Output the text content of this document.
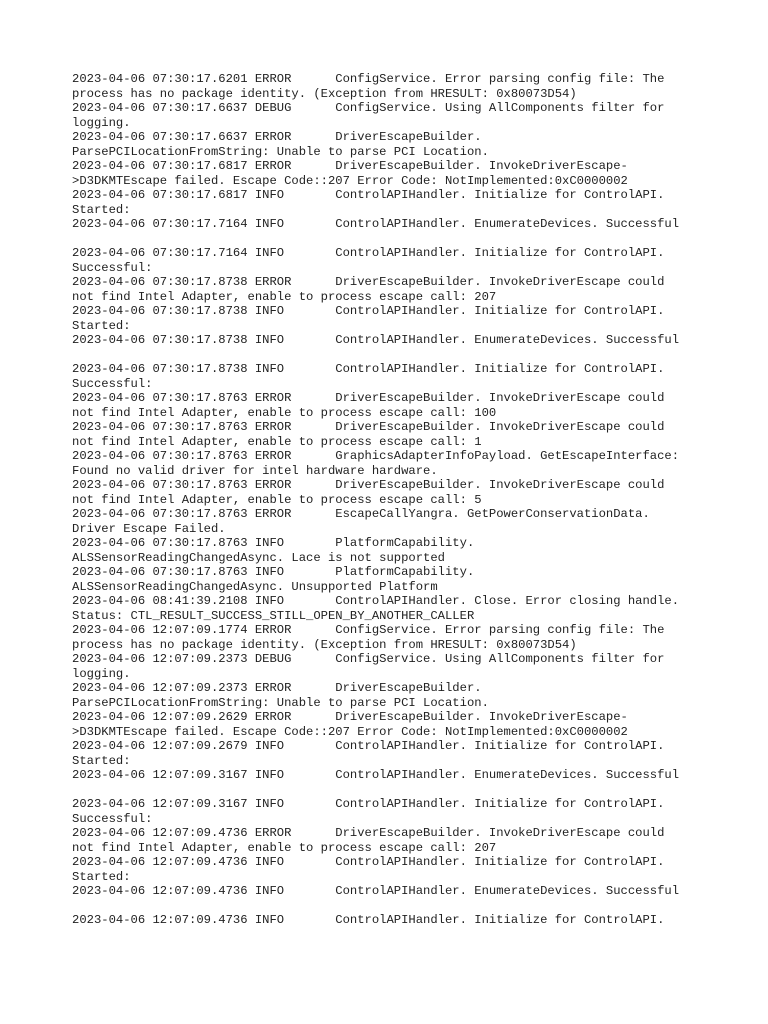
2023-04-06 07:30:17.6201 ERROR      ConfigService. Error parsing config file: The
process has no package identity. (Exception from HRESULT: 0x80073D54)
2023-04-06 07:30:17.6637 DEBUG      ConfigService. Using AllComponents filter for
logging.
2023-04-06 07:30:17.6637 ERROR      DriverEscapeBuilder.
ParsePCILocationFromString: Unable to parse PCI Location.
2023-04-06 07:30:17.6817 ERROR      DriverEscapeBuilder. InvokeDriverEscape-
>D3DKMTEscape failed. Escape Code::207 Error Code: NotImplemented:0xC0000002
2023-04-06 07:30:17.6817 INFO       ControlAPIHandler. Initialize for ControlAPI.
Started:
2023-04-06 07:30:17.7164 INFO       ControlAPIHandler. EnumerateDevices. Successful
2023-04-06 07:30:17.7164 INFO       ControlAPIHandler. Initialize for ControlAPI.
Successful:
2023-04-06 07:30:17.8738 ERROR      DriverEscapeBuilder. InvokeDriverEscape could
not find Intel Adapter, enable to process escape call: 207
2023-04-06 07:30:17.8738 INFO       ControlAPIHandler. Initialize for ControlAPI.
Started:
2023-04-06 07:30:17.8738 INFO       ControlAPIHandler. EnumerateDevices. Successful
2023-04-06 07:30:17.8738 INFO       ControlAPIHandler. Initialize for ControlAPI.
Successful:
2023-04-06 07:30:17.8763 ERROR      DriverEscapeBuilder. InvokeDriverEscape could
not find Intel Adapter, enable to process escape call: 100
2023-04-06 07:30:17.8763 ERROR      DriverEscapeBuilder. InvokeDriverEscape could
not find Intel Adapter, enable to process escape call: 1
2023-04-06 07:30:17.8763 ERROR      GraphicsAdapterInfoPayload. GetEscapeInterface:
Found no valid driver for intel hardware hardware.
2023-04-06 07:30:17.8763 ERROR      DriverEscapeBuilder. InvokeDriverEscape could
not find Intel Adapter, enable to process escape call: 5
2023-04-06 07:30:17.8763 ERROR      EscapeCallYangra. GetPowerConservationData.
Driver Escape Failed.
2023-04-06 07:30:17.8763 INFO       PlatformCapability.
ALSSensorReadingChangedAsync. Lace is not supported
2023-04-06 07:30:17.8763 INFO       PlatformCapability.
ALSSensorReadingChangedAsync. Unsupported Platform
2023-04-06 08:41:39.2108 INFO       ControlAPIHandler. Close. Error closing handle.
Status: CTL_RESULT_SUCCESS_STILL_OPEN_BY_ANOTHER_CALLER
2023-04-06 12:07:09.1774 ERROR      ConfigService. Error parsing config file: The
process has no package identity. (Exception from HRESULT: 0x80073D54)
2023-04-06 12:07:09.2373 DEBUG      ConfigService. Using AllComponents filter for
logging.
2023-04-06 12:07:09.2373 ERROR      DriverEscapeBuilder.
ParsePCILocationFromString: Unable to parse PCI Location.
2023-04-06 12:07:09.2629 ERROR      DriverEscapeBuilder. InvokeDriverEscape-
>D3DKMTEscape failed. Escape Code::207 Error Code: NotImplemented:0xC0000002
2023-04-06 12:07:09.2679 INFO       ControlAPIHandler. Initialize for ControlAPI.
Started:
2023-04-06 12:07:09.3167 INFO       ControlAPIHandler. EnumerateDevices. Successful
2023-04-06 12:07:09.3167 INFO       ControlAPIHandler. Initialize for ControlAPI.
Successful:
2023-04-06 12:07:09.4736 ERROR      DriverEscapeBuilder. InvokeDriverEscape could
not find Intel Adapter, enable to process escape call: 207
2023-04-06 12:07:09.4736 INFO       ControlAPIHandler. Initialize for ControlAPI.
Started:
2023-04-06 12:07:09.4736 INFO       ControlAPIHandler. EnumerateDevices. Successful
2023-04-06 12:07:09.4736 INFO       ControlAPIHandler. Initialize for ControlAPI.
